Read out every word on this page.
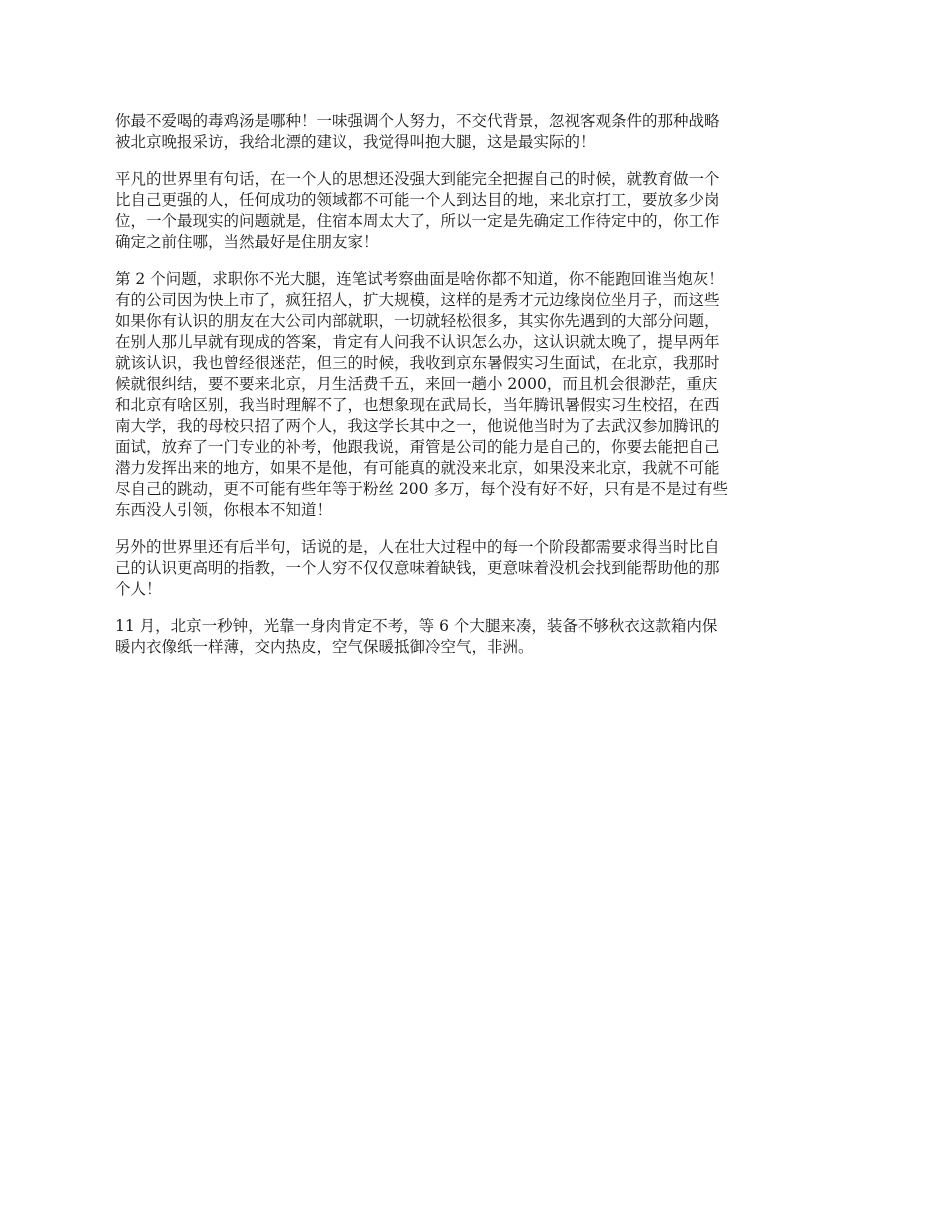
你最不爱喝的毒鸡汤是哪种！一味强调个人努力，不交代背景，忽视客观条件的那种战略
被北京晚报采访，我给北漂的建议，我觉得叫抱大腿，这是最实际的！

平凡的世界里有句话，在一个人的思想还没强大到能完全把握自己的时候，就教育做一个
比自己更强的人，任何成功的领域都不可能一个人到达目的地，来北京打工，要放多少岗
位，一个最现实的问题就是，住宿本周太大了，所以一定是先确定工作待定中的，你工作
确定之前住哪，当然最好是住朋友家！

第 2 个问题，求职你不光大腿，连笔试考察曲面是啥你都不知道，你不能跑回谁当炮灰！
有的公司因为快上市了，疯狂招人，扩大规模，这样的是秀才元边缘岗位坐月子，而这些
如果你有认识的朋友在大公司内部就职，一切就轻松很多，其实你先遇到的大部分问题，
在别人那儿早就有现成的答案，肯定有人问我不认识怎么办，这认识就太晚了，提早两年
就该认识，我也曾经很迷茫，但三的时候，我收到京东暑假实习生面试，在北京，我那时
候就很纠结，要不要来北京，月生活费千五，来回一趟小 2000，而且机会很渺茫，重庆
和北京有啥区别，我当时理解不了，也想象现在武局长，当年腾讯暑假实习生校招，在西
南大学，我的母校只招了两个人，我这学长其中之一，他说他当时为了去武汉参加腾讯的
面试，放弃了一门专业的补考，他跟我说，甭管是公司的能力是自己的，你要去能把自己
潜力发挥出来的地方，如果不是他，有可能真的就没来北京，如果没来北京，我就不可能
尽自己的跳动，更不可能有些年等于粉丝 200 多万，每个没有好不好，只有是不是过有些
东西没人引领，你根本不知道！

另外的世界里还有后半句，话说的是，人在壮大过程中的每一个阶段都需要求得当时比自
己的认识更高明的指教，一个人穷不仅仅意味着缺钱，更意味着没机会找到能帮助他的那
个人！

11 月，北京一秒钟，光靠一身肉肯定不考，等 6 个大腿来凑，装备不够秋衣这款箱内保
暖内衣像纸一样薄，交内热皮，空气保暖抵御冷空气，非洲。
